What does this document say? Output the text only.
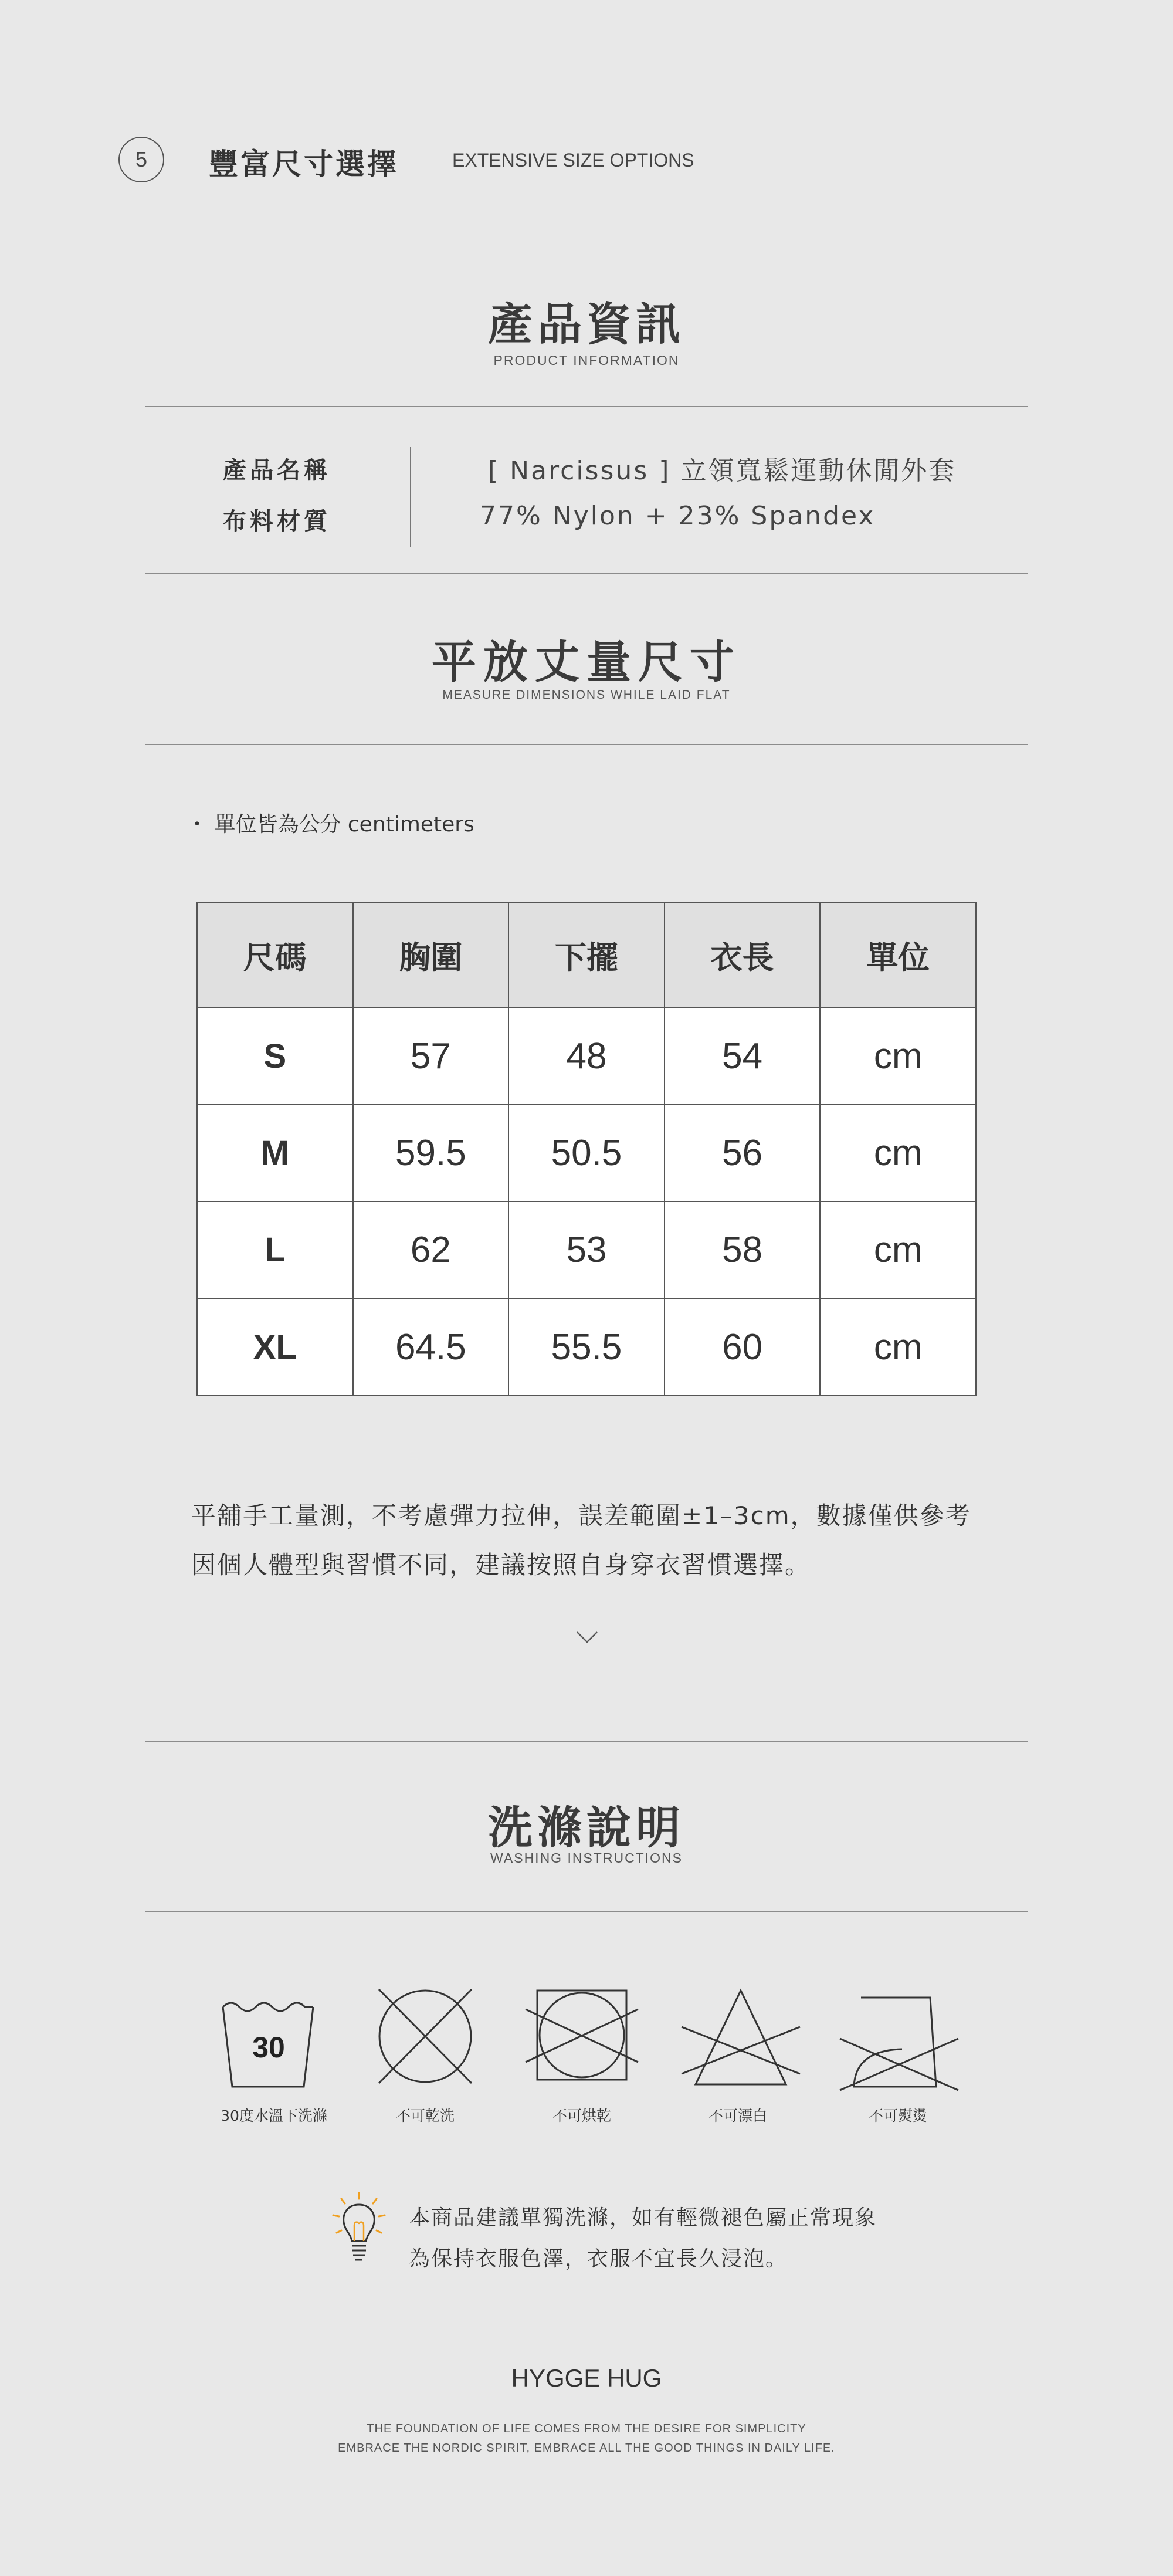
5	豐富尺寸選擇	EXTENSIVE SIZE OPTIONS
產品資訊
PRODUCT INFORMATION
產品名稱	[ Narcissus ] 立領寬鬆運動休閒外套
布料材質	77% Nylon + 23% Spandex
平放丈量尺寸
MEASURE DIMENSIONS WHILE LAID FLAT
・ 單位皆為公分 centimeters
尺碼	胸圍	下擺	衣長	單位
S	57	48	54	cm
M	59.5	50.5	56	cm
L	62	53	58	cm
XL	64.5	55.5	60	cm
平舖手工量測，不考慮彈力拉伸，誤差範圍±1–3cm，數據僅供參考
因個人體型與習慣不同，建議按照自身穿衣習慣選擇。
洗滌說明
WASHING INSTRUCTIONS
30
30度水溫下洗滌	不可乾洗	不可烘乾	不可漂白	不可熨燙
本商品建議單獨洗滌，如有輕微褪色屬正常現象
為保持衣服色澤，衣服不宜長久浸泡。
HYGGE HUG
THE FOUNDATION OF LIFE COMES FROM THE DESIRE FOR SIMPLICITY
EMBRACE THE NORDIC SPIRIT, EMBRACE ALL THE GOOD THINGS IN DAILY LIFE.
